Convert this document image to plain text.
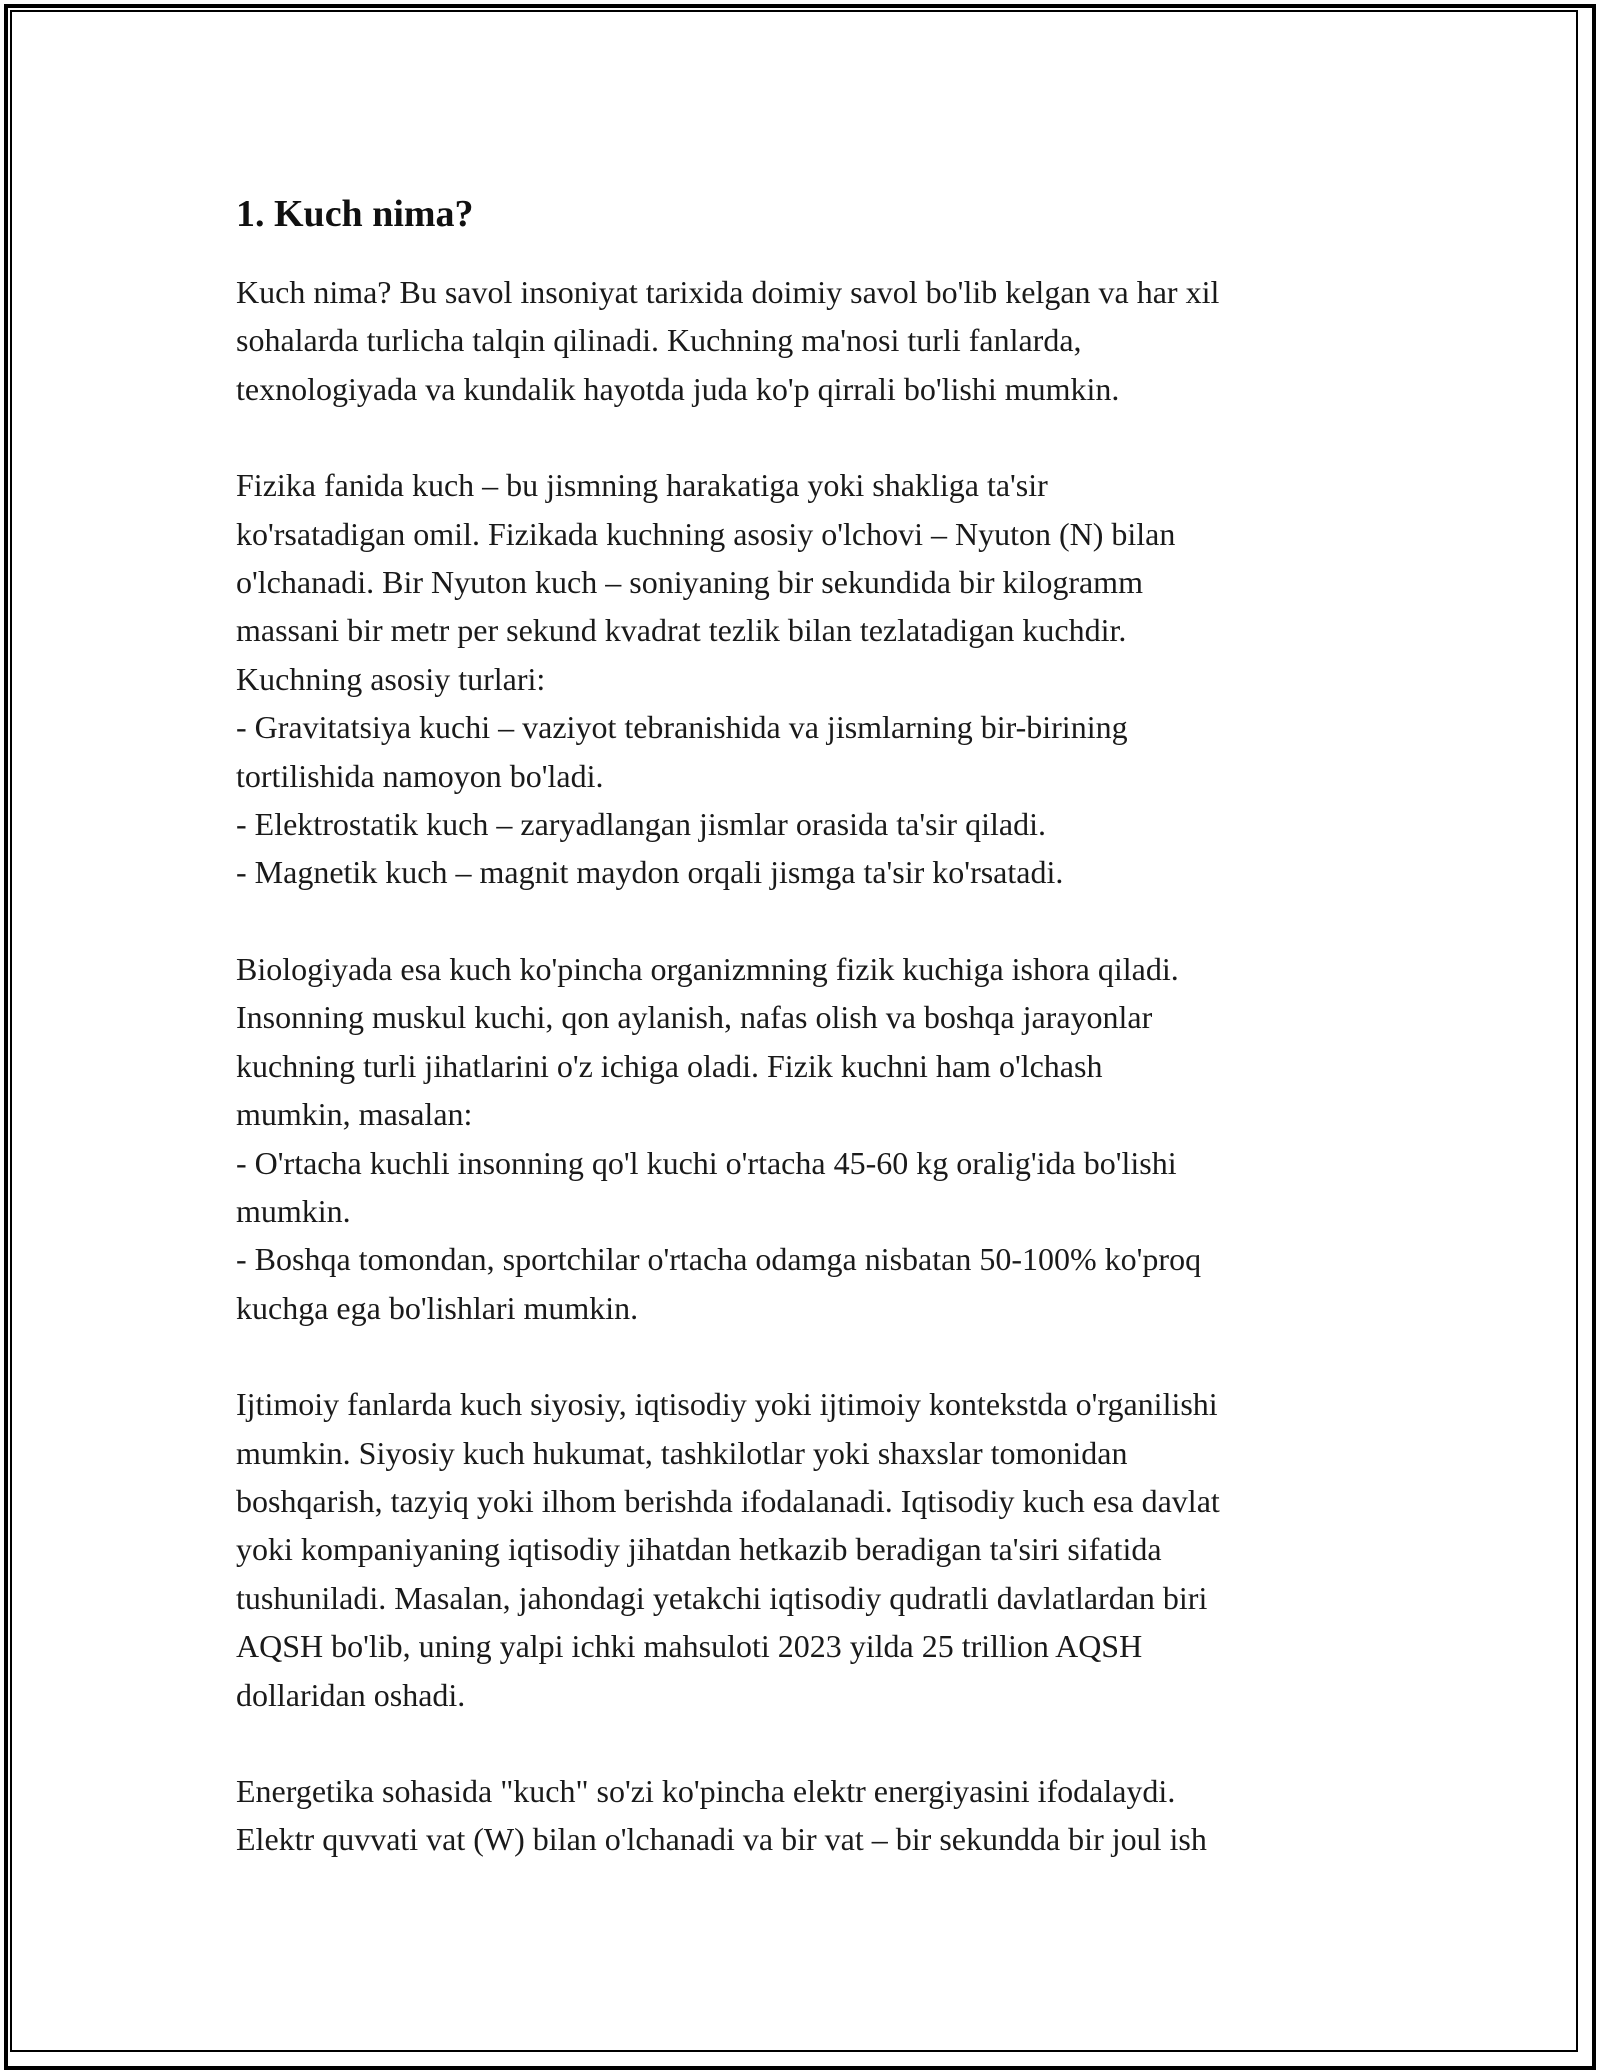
1. Kuch nima?
Kuch nima? Bu savol insoniyat tarixida doimiy savol bo'lib kelgan va har xil
sohalarda turlicha talqin qilinadi. Kuchning ma'nosi turli fanlarda,
texnologiyada va kundalik hayotda juda ko'p qirrali bo'lishi mumkin.
Fizika fanida kuch – bu jismning harakatiga yoki shakliga ta'sir
ko'rsatadigan omil. Fizikada kuchning asosiy o'lchovi – Nyuton (N) bilan
o'lchanadi. Bir Nyuton kuch – soniyaning bir sekundida bir kilogramm
massani bir metr per sekund kvadrat tezlik bilan tezlatadigan kuchdir.
Kuchning asosiy turlari:
- Gravitatsiya kuchi – vaziyot tebranishida va jismlarning bir-birining
tortilishida namoyon bo'ladi.
- Elektrostatik kuch – zaryadlangan jismlar orasida ta'sir qiladi.
- Magnetik kuch – magnit maydon orqali jismga ta'sir ko'rsatadi.
Biologiyada esa kuch ko'pincha organizmning fizik kuchiga ishora qiladi.
Insonning muskul kuchi, qon aylanish, nafas olish va boshqa jarayonlar
kuchning turli jihatlarini o'z ichiga oladi. Fizik kuchni ham o'lchash
mumkin, masalan:
- O'rtacha kuchli insonning qo'l kuchi o'rtacha 45-60 kg oralig'ida bo'lishi
mumkin.
- Boshqa tomondan, sportchilar o'rtacha odamga nisbatan 50-100% ko'proq
kuchga ega bo'lishlari mumkin.
Ijtimoiy fanlarda kuch siyosiy, iqtisodiy yoki ijtimoiy kontekstda o'rganilishi
mumkin. Siyosiy kuch hukumat, tashkilotlar yoki shaxslar tomonidan
boshqarish, tazyiq yoki ilhom berishda ifodalanadi. Iqtisodiy kuch esa davlat
yoki kompaniyaning iqtisodiy jihatdan hetkazib beradigan ta'siri sifatida
tushuniladi. Masalan, jahondagi yetakchi iqtisodiy qudratli davlatlardan biri
AQSH bo'lib, uning yalpi ichki mahsuloti 2023 yilda 25 trillion AQSH
dollaridan oshadi.
Energetika sohasida "kuch" so'zi ko'pincha elektr energiyasini ifodalaydi.
Elektr quvvati vat (W) bilan o'lchanadi va bir vat – bir sekundda bir joul ish
